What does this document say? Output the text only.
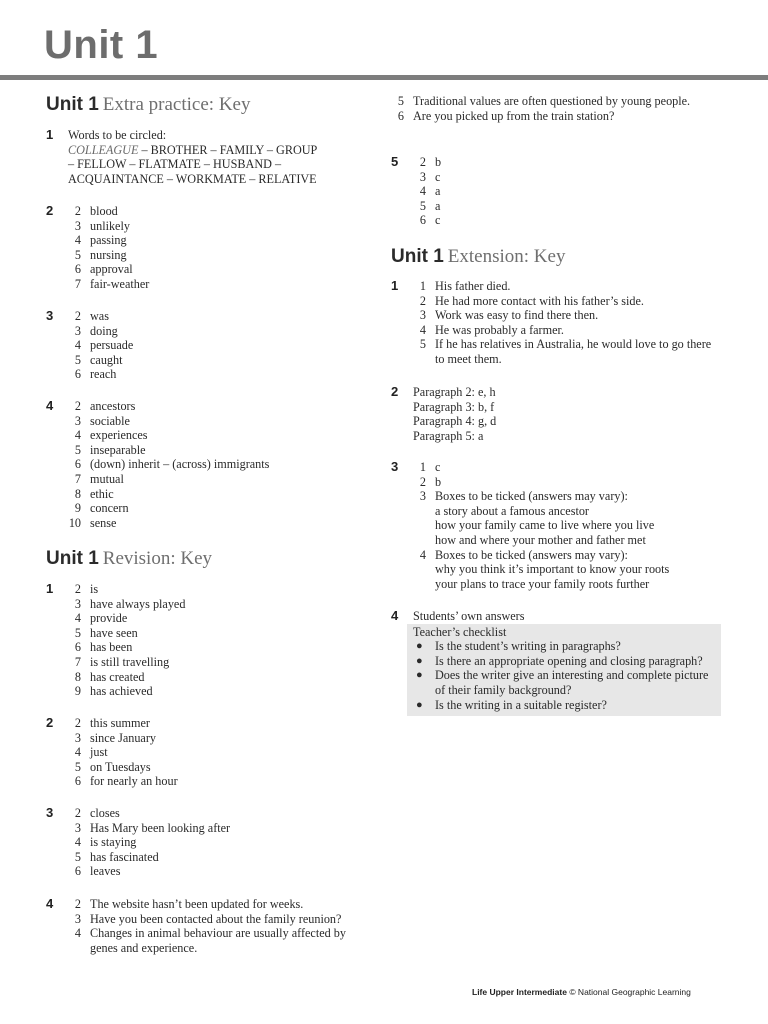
Unit 1
Unit 1 Extra practice: Key
1 Words to be circled:
COLLEAGUE – BROTHER – FAMILY – GROUP
– FELLOW – FLATMATE – HUSBAND –
ACQUAINTANCE – WORKMATE – RELATIVE
2	2 blood
3 unlikely
4 passing
5 nursing
6 approval
7 fair-weather
3	2 was
3 doing
4 persuade
5 caught
6 reach
4	2 ancestors
3 sociable
4 experiences
5 inseparable
6 (down) inherit – (across) immigrants
7 mutual
8 ethic
9 concern
10 sense
Unit 1 Revision: Key
1	2 is
3 have always played
4 provide
5 have seen
6 has been
7 is still travelling
8 has created
9 has achieved
2	2 this summer
3 since January
4 just
5 on Tuesdays
6 for nearly an hour
3	2 closes
3 Has Mary been looking after
4 is staying
5 has fascinated
6 leaves
4	2 The website hasn’t been updated for weeks.
3 Have you been contacted about the family reunion?
4 Changes in animal behaviour are usually affected by genes and experience.
5 Traditional values are often questioned by young people.
6 Are you picked up from the train station?
5	2 b
3 c
4 a
5 a
6 c
Unit 1 Extension: Key
1	1 His father died.
2 He had more contact with his father’s side.
3 Work was easy to find there then.
4 He was probably a farmer.
5 If he has relatives in Australia, he would love to go there to meet them.
2 Paragraph 2: e, h
Paragraph 3: b, f
Paragraph 4: g, d
Paragraph 5: a
3	1 c
2 b
3 Boxes to be ticked (answers may vary):
a story about a famous ancestor
how your family came to live where you live
how and where your mother and father met
4 Boxes to be ticked (answers may vary):
why you think it’s important to know your roots
your plans to trace your family roots further
4 Students’ own answers
Teacher’s checklist
●	Is the student’s writing in paragraphs?
●	Is there an appropriate opening and closing paragraph?
●	Does the writer give an interesting and complete picture of their family background?
●	Is the writing in a suitable register?
Life Upper Intermediate © National Geographic Learning
